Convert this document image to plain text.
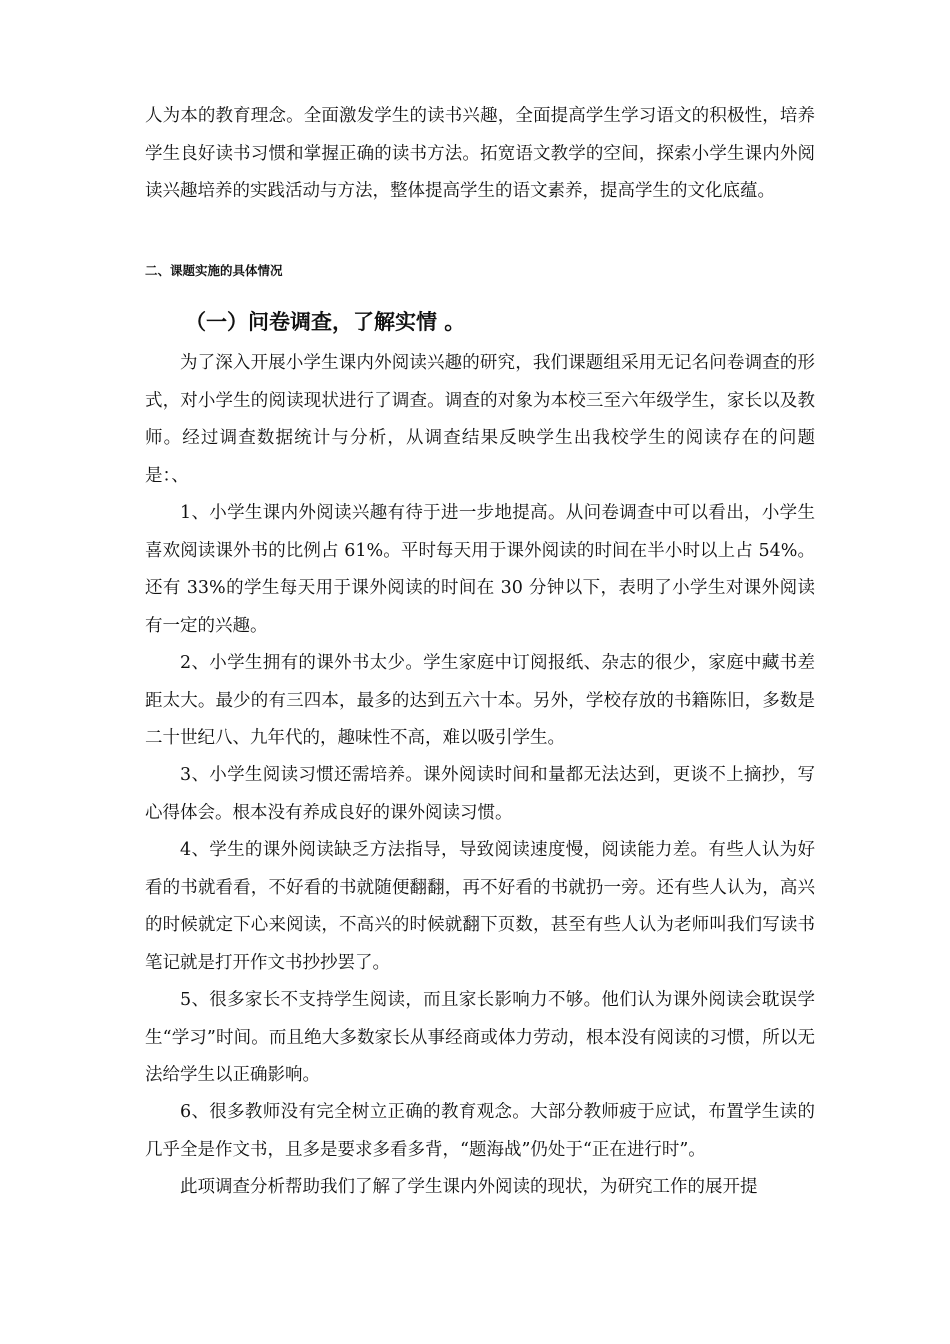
人为本的教育理念。全面激发学生的读书兴趣，全面提高学生学习语文的积极性，培养学生良好读书习惯和掌握正确的读书方法。拓宽语文教学的空间，探索小学生课内外阅读兴趣培养的实践活动与方法，整体提高学生的语文素养，提高学生的文化底蕴。

二、课题实施的具体情况

（一）问卷调查，了解实情 。

为了深入开展小学生课内外阅读兴趣的研究，我们课题组采用无记名问卷调查的形式，对小学生的阅读现状进行了调查。调查的对象为本校三至六年级学生，家长以及教师。经过调查数据统计与分析，从调查结果反映学生出我校学生的阅读存在的问题是：、

1、小学生课内外阅读兴趣有待于进一步地提高。从问卷调查中可以看出，小学生喜欢阅读课外书的比例占 61%。平时每天用于课外阅读的时间在半小时以上占 54%。还有 33%的学生每天用于课外阅读的时间在 30 分钟以下，表明了小学生对课外阅读有一定的兴趣。

2、小学生拥有的课外书太少。学生家庭中订阅报纸、杂志的很少，家庭中藏书差距太大。最少的有三四本，最多的达到五六十本。另外，学校存放的书籍陈旧，多数是二十世纪八、九年代的，趣味性不高，难以吸引学生。

3、小学生阅读习惯还需培养。课外阅读时间和量都无法达到，更谈不上摘抄，写心得体会。根本没有养成良好的课外阅读习惯。

4、学生的课外阅读缺乏方法指导，导致阅读速度慢，阅读能力差。有些人认为好看的书就看看，不好看的书就随便翻翻，再不好看的书就扔一旁。还有些人认为，高兴的时候就定下心来阅读，不高兴的时候就翻下页数，甚至有些人认为老师叫我们写读书笔记就是打开作文书抄抄罢了。

5、很多家长不支持学生阅读，而且家长影响力不够。他们认为课外阅读会耽误学生“学习”时间。而且绝大多数家长从事经商或体力劳动，根本没有阅读的习惯，所以无法给学生以正确影响。

6、很多教师没有完全树立正确的教育观念。大部分教师疲于应试，布置学生读的几乎全是作文书，且多是要求多看多背，“题海战”仍处于“正在进行时”。

此项调查分析帮助我们了解了学生课内外阅读的现状，为研究工作的展开提
